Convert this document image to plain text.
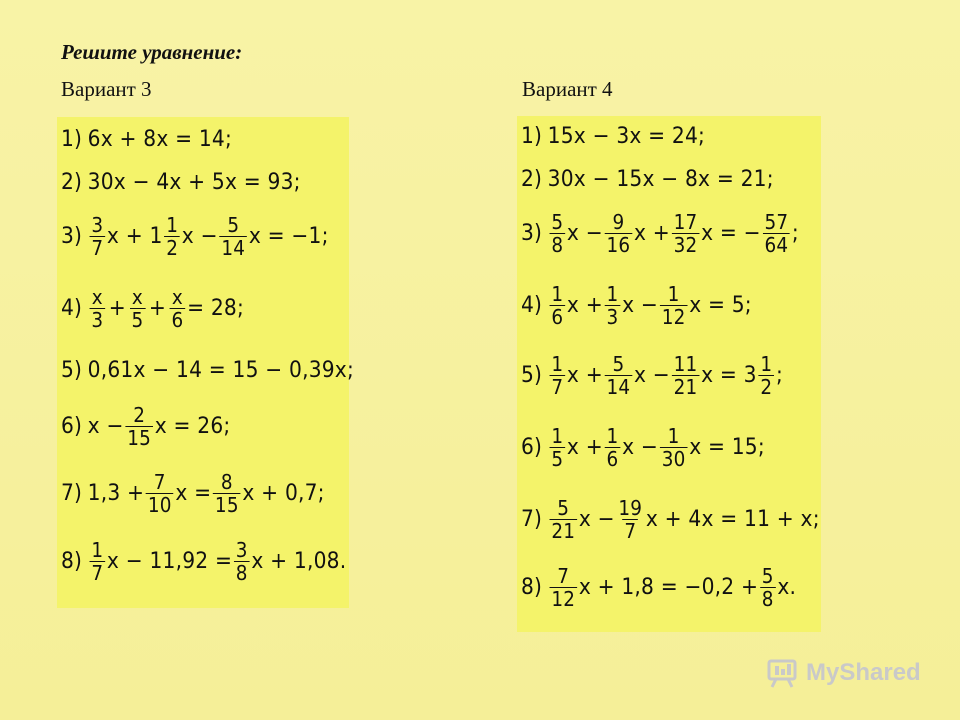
Решите уравнение:
Вариант 3	Вариант 4
1) 6x + 8x = 14;
2) 30x − 4x + 5x = 93;
$3) \frac{3}{7}$ $x + 1 \frac{1}{2}$ $x - \frac{5}{14}$ x = −1;
$4) \frac{x}{3} + \frac{x}{5} + \frac{x}{6} = 28$;
5) 0,61x − 14 = 15 − 0,39x;
6) $x - \frac{2}{15}$ x = 26;
7) $1,3 + \frac{7}{10}$ $x = \frac{8}{15}$ x + 0,7;
$8) \frac{1}{7}$ $x - 11,92 = \frac{3}{8}$ x + 1,08.
1) 15x − 3x = 24;
2) 30x − 15x − 8x = 21;
$3) \frac{5}{8}$ $x - \frac{9}{16}$ $x + \frac{17}{32}$ x = − $\frac{57}{64}$ ;
$4) \frac{1}{6}$ $x + \frac{1}{3}$ $x - \frac{1}{12}$ x = 5;
$5) \frac{1}{7}$ $x + \frac{5}{14}$ $x - \frac{11}{21}$ $x = 3 \frac{1}{2}$ ;
$6) \frac{1}{5}$ $x + \frac{1}{6}$ $x - \frac{1}{30}$ x = 15;
$7) \frac{5}{21}$ $x - \frac{19}{7}$ x + 4x = 11 + x;
$8) \frac{7}{12}$ $x + 1,8 = -0,2 + \frac{5}{8} x$.
MyShared
